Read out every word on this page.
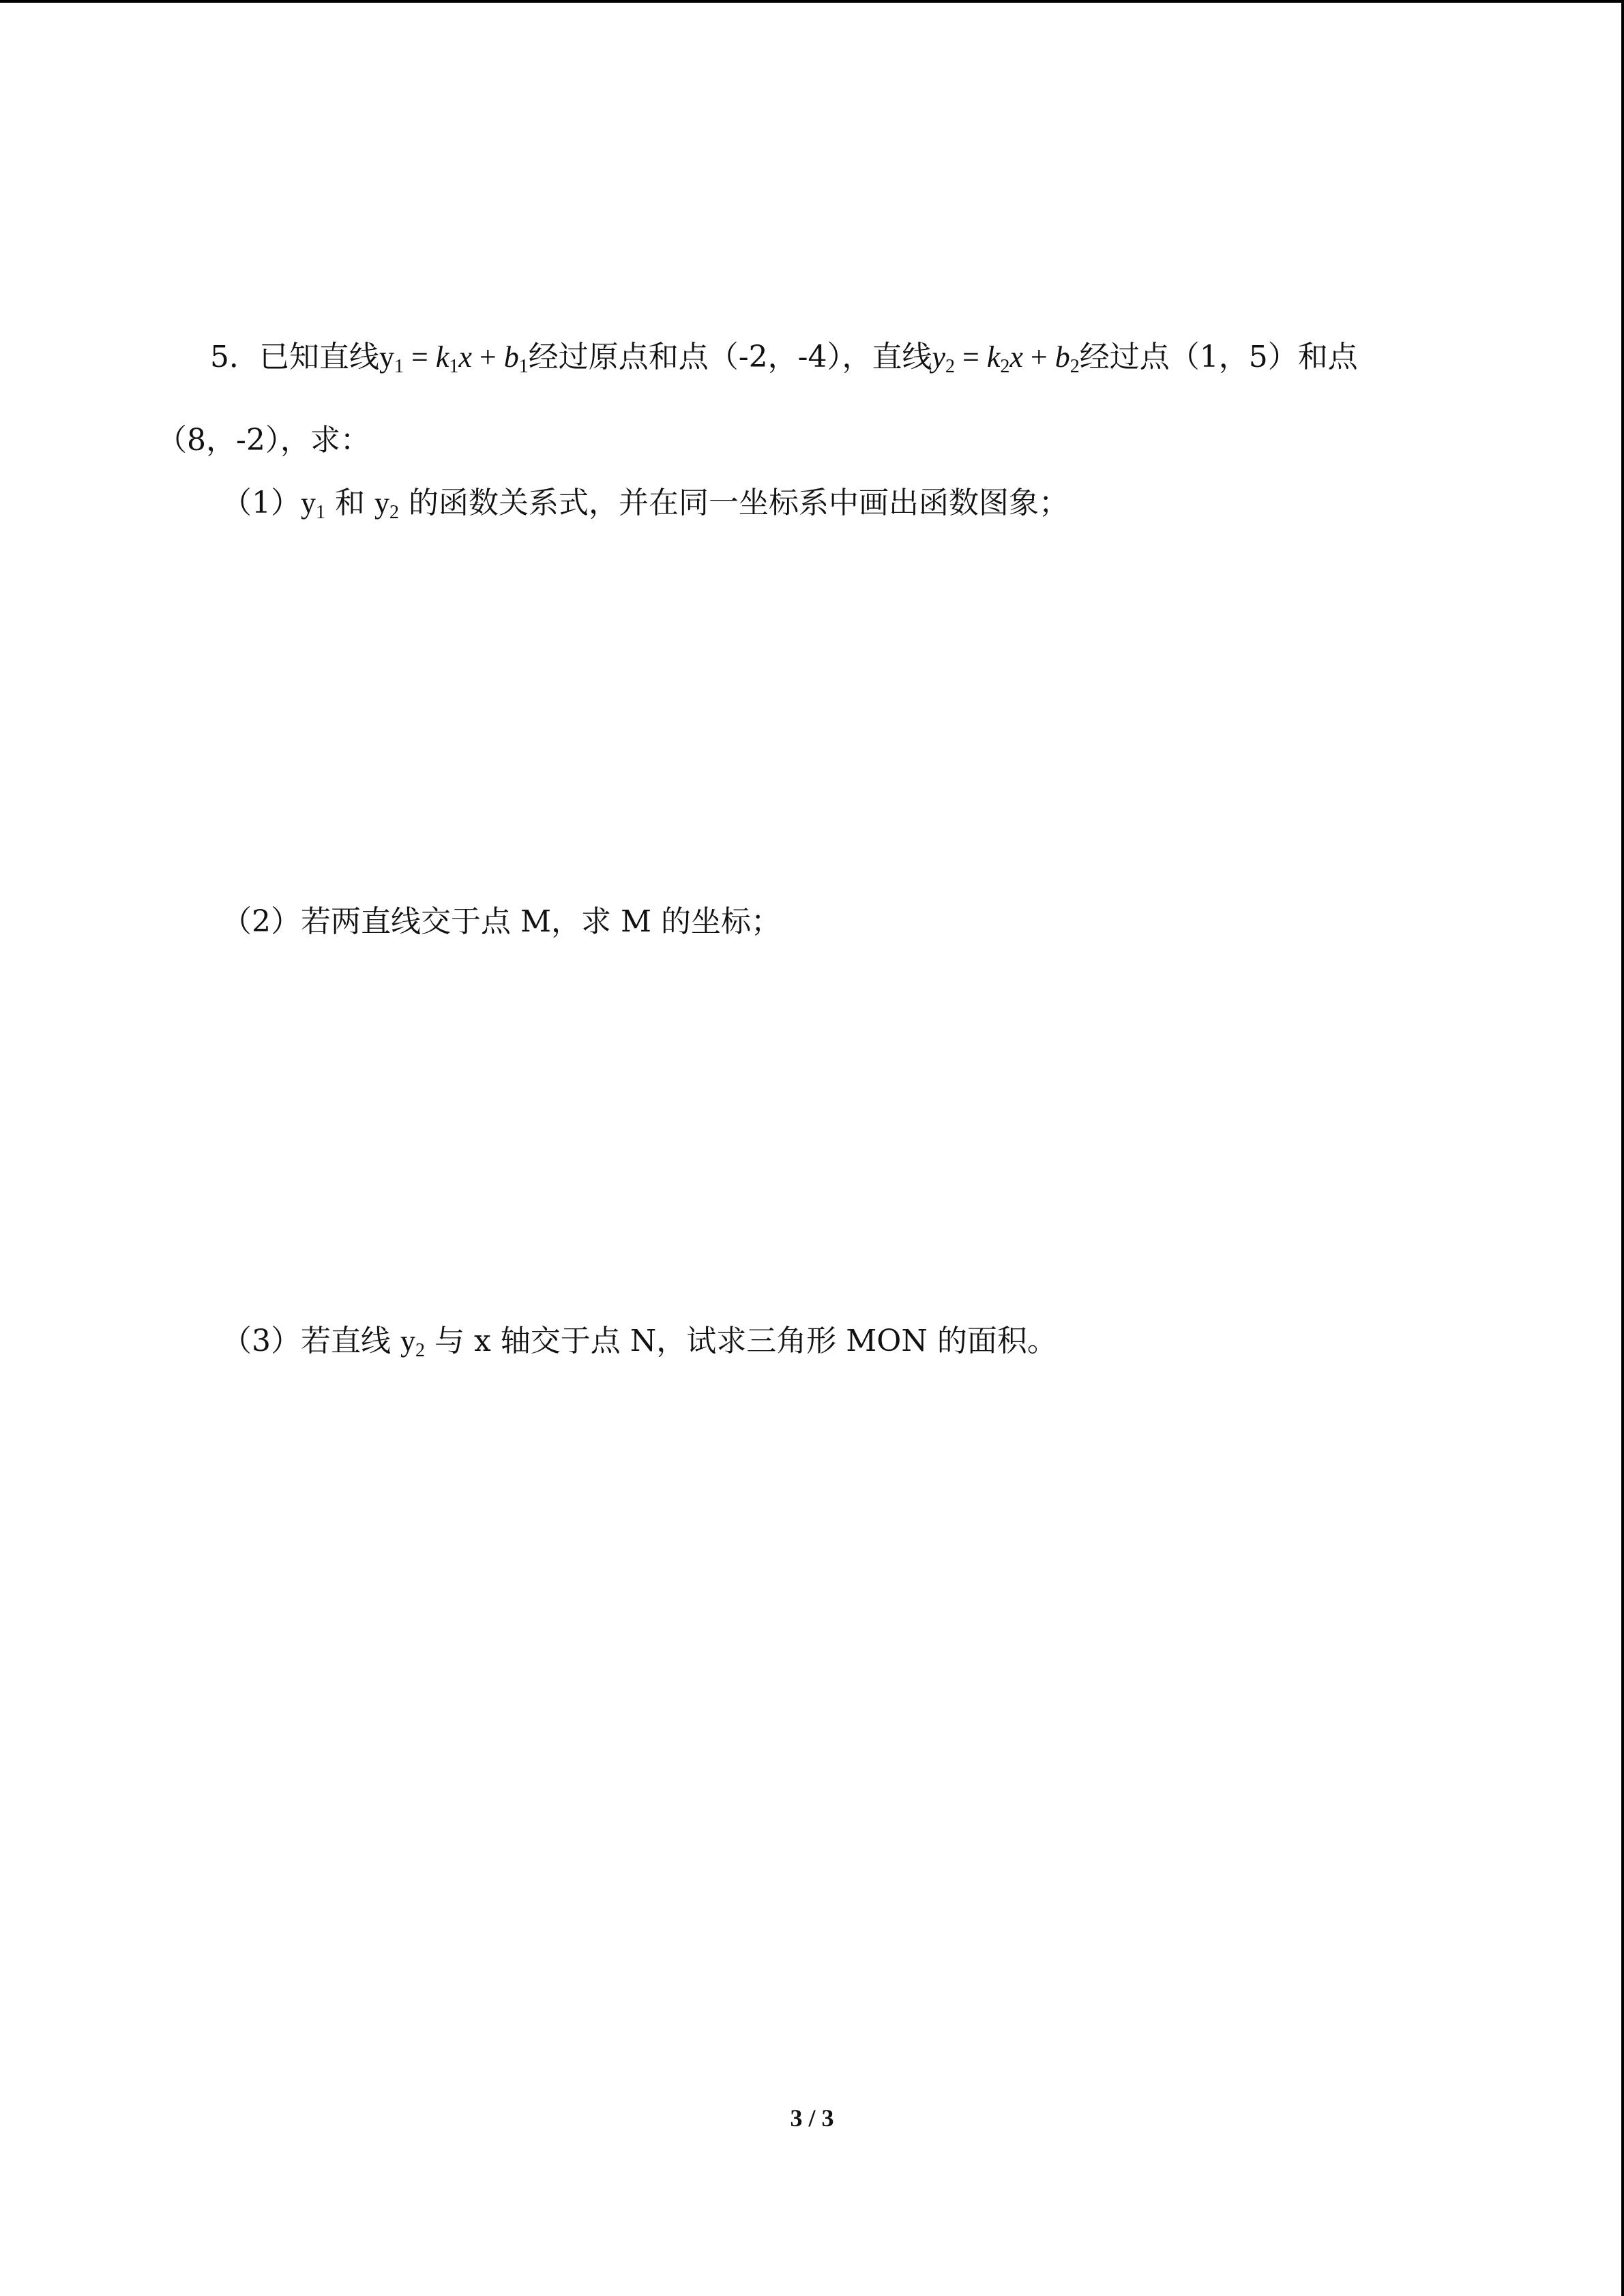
5．已知直线$y_1 = k_1x + b_1$经过原点和点（-2，-4），直线$y_2 = k_2x + b_2$经过点（1，5）和点
（8，-2），求：
$(1)y_1$ 和 $y_2$ 的函数关系式，并在同一坐标系中画出函数图象；
（2）若两直线交于点 M，求 M 的坐标；
（3）若直线 $y_2$ 与 x 轴交于点 N，试求三角形 MON 的面积。
3 / 3
